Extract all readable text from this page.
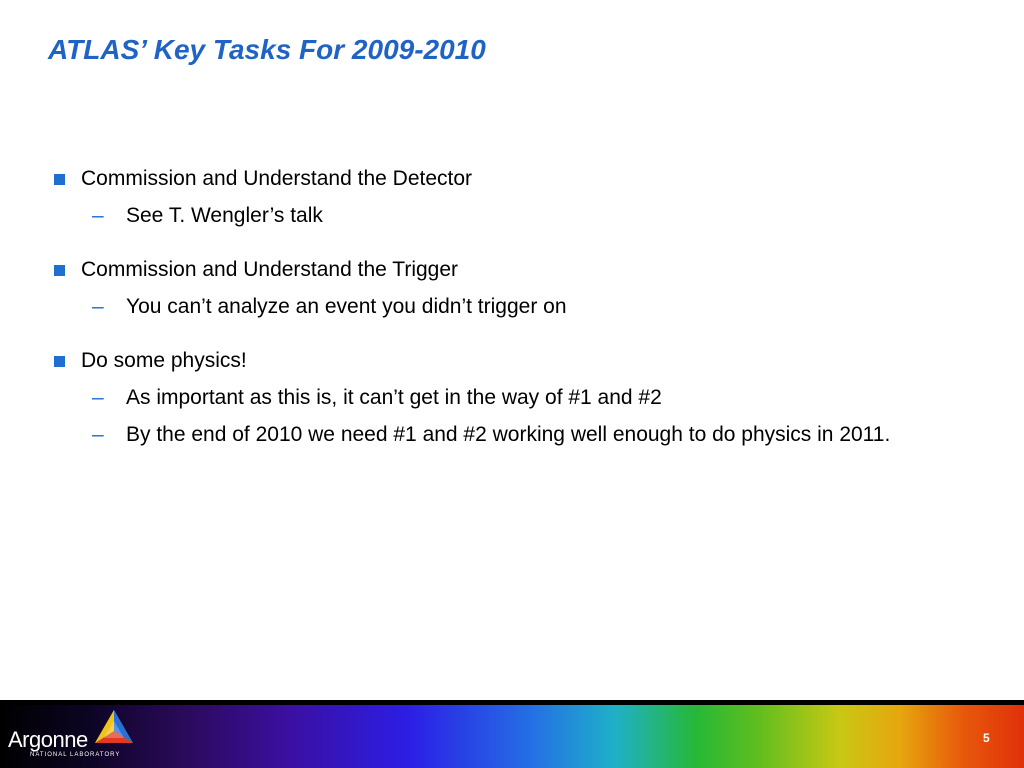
ATLAS’ Key Tasks For 2009-2010
Commission and Understand the Detector
– See T. Wengler’s talk
Commission and Understand the Trigger
– You can’t analyze an event you didn’t trigger on
Do some physics!
– As important as this is, it can’t get in the way of #1 and #2
– By the end of 2010 we need #1 and #2 working well enough to do physics in 2011.
Argonne
NATIONAL LABORATORY
5
